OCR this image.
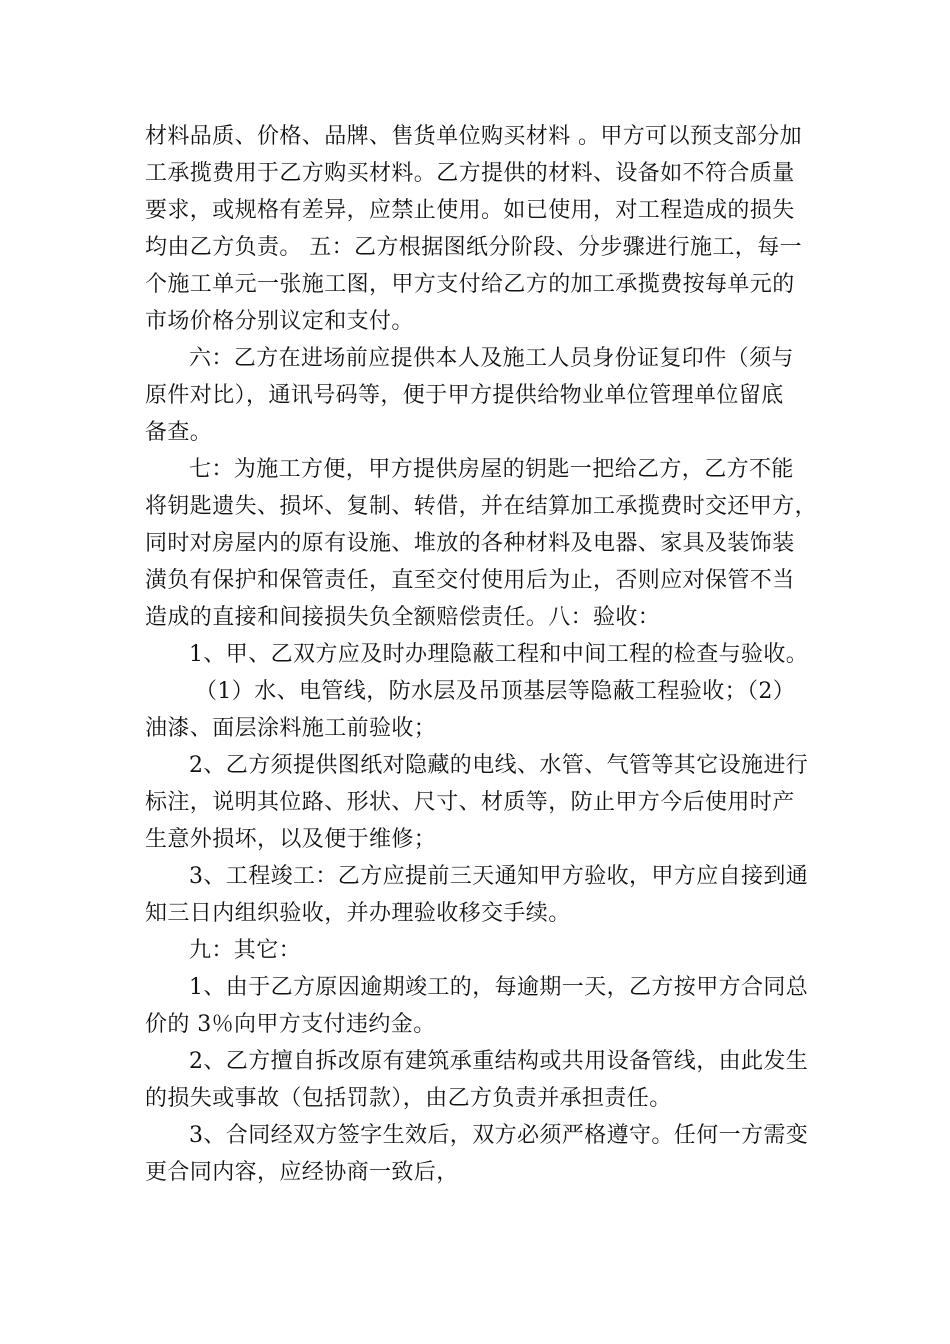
材料品质、价格、品牌、售货单位购买材料 。甲方可以预支部分加
工承揽费用于乙方购买材料。乙方提供的材料、设备如不符合质量
要求，或规格有差异，应禁止使用。如已使用，对工程造成的损失
均由乙方负责。 五：乙方根据图纸分阶段、分步骤进行施工，每一
个施工单元一张施工图，甲方支付给乙方的加工承揽费按每单元的
市场价格分别议定和支付。

六：乙方在进场前应提供本人及施工人员身份证复印件（须与
原件对比），通讯号码等，便于甲方提供给物业单位管理单位留底
备查。

七：为施工方便，甲方提供房屋的钥匙一把给乙方，乙方不能
将钥匙遗失、损坏、复制、转借，并在结算加工承揽费时交还甲方，
同时对房屋内的原有设施、堆放的各种材料及电器、家具及装饰装
潢负有保护和保管责任，直至交付使用后为止，否则应对保管不当
造成的直接和间接损失负全额赔偿责任。八：验收：

1、甲、乙双方应及时办理隐蔽工程和中间工程的检查与验收。

（1）水、电管线，防水层及吊顶基层等隐蔽工程验收；（2）
油漆、面层涂料施工前验收；

2、乙方须提供图纸对隐藏的电线、水管、气管等其它设施进行
标注，说明其位路、形状、尺寸、材质等，防止甲方今后使用时产
生意外损坏，以及便于维修；

3、工程竣工：乙方应提前三天通知甲方验收，甲方应自接到通
知三日内组织验收，并办理验收移交手续。

九：其它：

1、由于乙方原因逾期竣工的，每逾期一天，乙方按甲方合同总
价的 3％向甲方支付违约金。

2、乙方擅自拆改原有建筑承重结构或共用设备管线，由此发生
的损失或事故（包括罚款），由乙方负责并承担责任。

3、合同经双方签字生效后，双方必须严格遵守。任何一方需变
更合同内容，应经协商一致后，
